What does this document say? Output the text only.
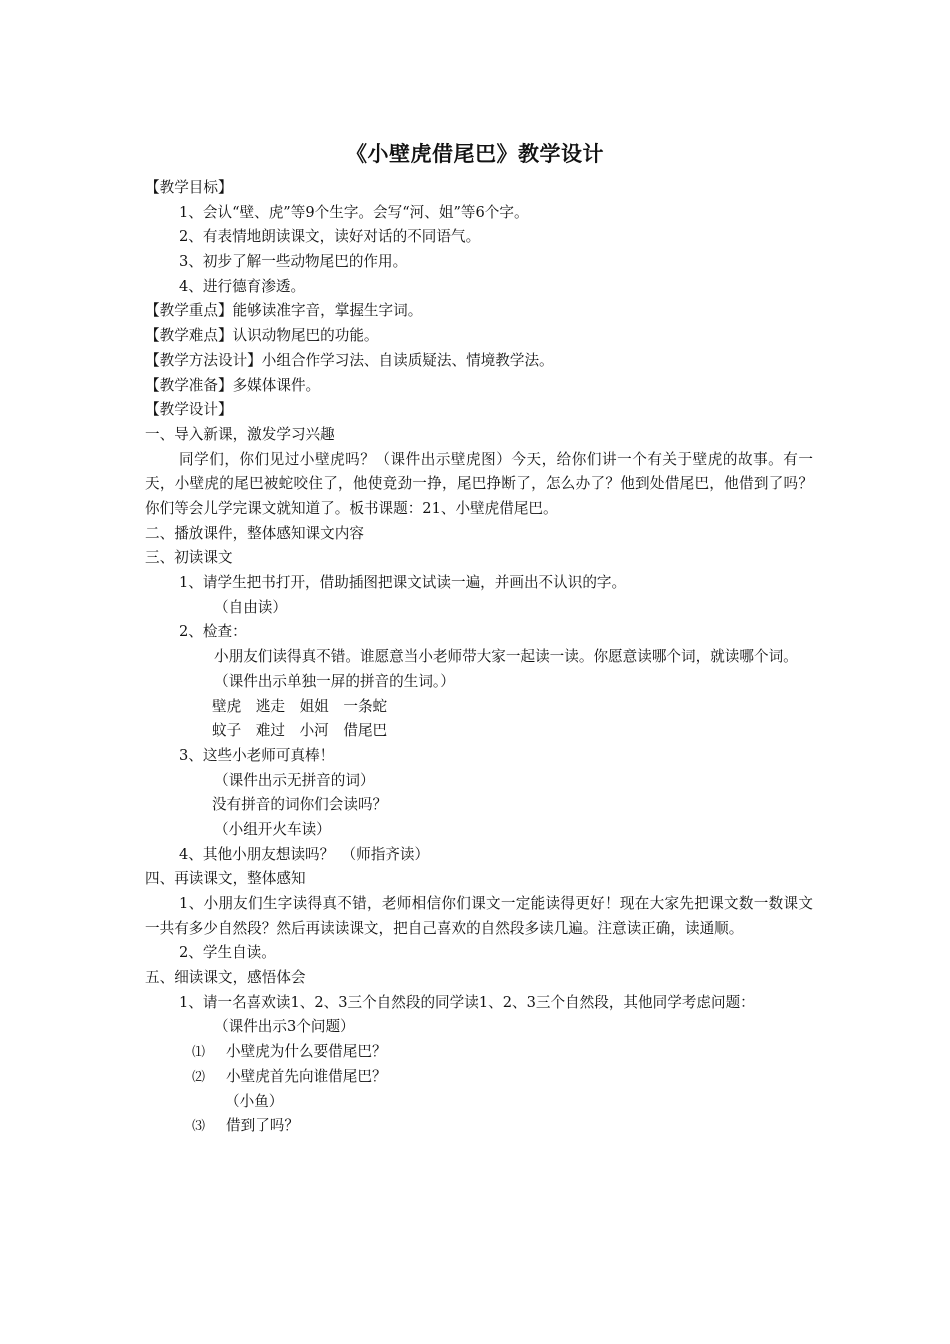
《小壁虎借尾巴》教学设计
【教学目标】
1、会认“壁、虎”等9个生字。会写“河、姐”等6个字。
2、有表情地朗读课文，读好对话的不同语气。
3、初步了解一些动物尾巴的作用。
4、进行德育渗透。
【教学重点】能够读准字音，掌握生字词。
【教学难点】认识动物尾巴的功能。
【教学方法设计】小组合作学习法、自读质疑法、情境教学法。
【教学准备】多媒体课件。
【教学设计】
一、导入新课，激发学习兴趣
同学们，你们见过小壁虎吗？（课件出示壁虎图）今天，给你们讲一个有关于壁虎的故事。有一天，小壁虎的尾巴被蛇咬住了，他使竟劲一挣，尾巴挣断了，怎么办了？他到处借尾巴，他借到了吗？你们等会儿学完课文就知道了。板书课题：21、小壁虎借尾巴。
二、播放课件，整体感知课文内容
三、初读课文
1、请学生把书打开，借助插图把课文试读一遍，并画出不认识的字。
（自由读）
2、检查：
小朋友们读得真不错。谁愿意当小老师带大家一起读一读。你愿意读哪个词，就读哪个词。
（课件出示单独一屏的拼音的生词。）
壁虎　逃走　姐姐　一条蛇
蚊子　难过　小河　借尾巴
3、这些小老师可真棒！
（课件出示无拼音的词）
没有拼音的词你们会读吗？
（小组开火车读）
4、其他小朋友想读吗？　（师指齐读）
四、再读课文，整体感知
1、小朋友们生字读得真不错，老师相信你们课文一定能读得更好！现在大家先把课文数一数课文一共有多少自然段？然后再读读课文，把自己喜欢的自然段多读几遍。注意读正确，读通顺。
2、学生自读。
五、细读课文，感悟体会
1、请一名喜欢读1、2、3三个自然段的同学读1、2、3三个自然段，其他同学考虑问题：
（课件出示3个问题）
⑴ 小壁虎为什么要借尾巴？
⑵ 小壁虎首先向谁借尾巴？
（小鱼）
⑶ 借到了吗？
